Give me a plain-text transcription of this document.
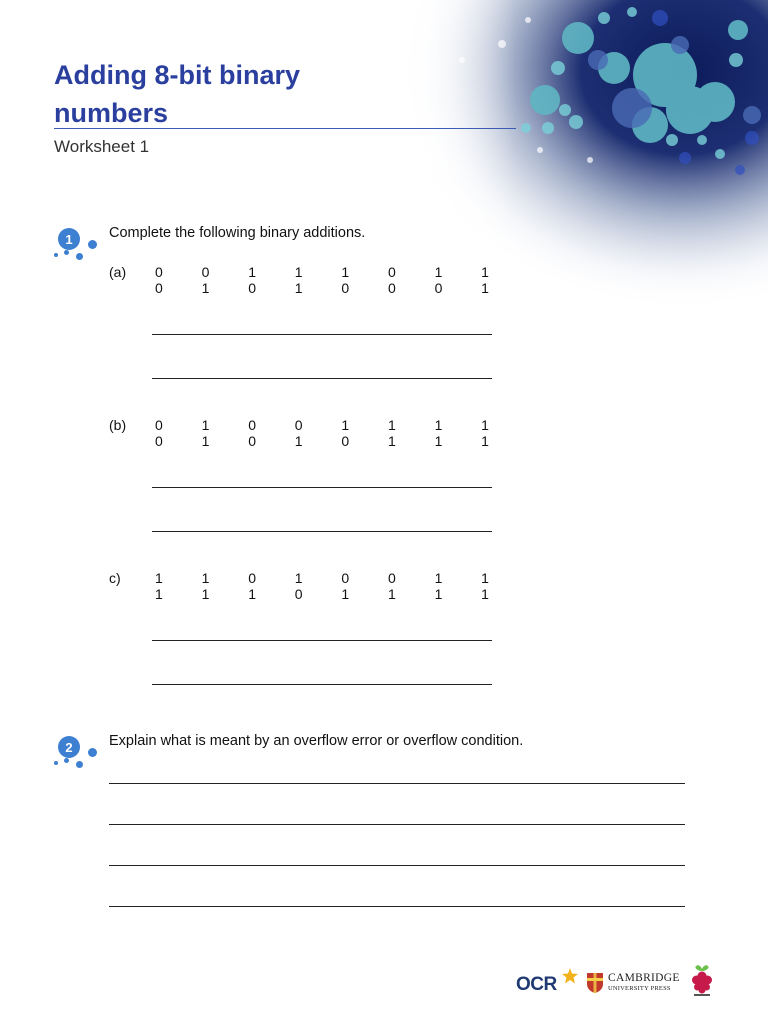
Adding 8-bit binary numbers
Worksheet 1
1	Complete the following binary additions.
(a) 0	0	1	1	1	0	1	1
0	1	0	1	0	0	0	1
(b) 0	1	0	0	1	1	1	1
0	1	0	1	0	1	1	1
c) 1	1	0	1	0	0	1	1
1	1	1	0	1	1	1	1
2	Explain what is meant by an overflow error or overflow condition.
OCR	CAMBRIDGE
UNIVERSITY PRESS
